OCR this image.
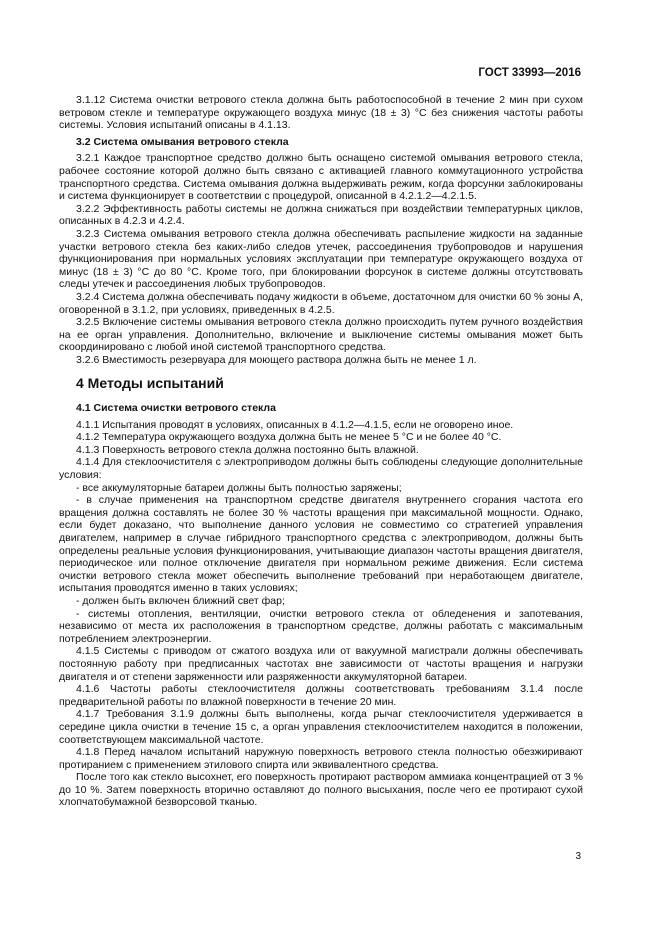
ГОСТ 33993—2016

3.1.12 Система очистки ветрового стекла должна быть работоспособной в течение 2 мин при сухом ветровом стекле и температуре окружающего воздуха минус (18 ± 3) °С без снижения частоты работы системы. Условия испытаний описаны в 4.1.13.

3.2 Система омывания ветрового стекла

3.2.1 Каждое транспортное средство должно быть оснащено системой омывания ветрового стекла, рабочее состояние которой должно быть связано с активацией главного коммутационного устройства транспортного средства. Система омывания должна выдерживать режим, когда форсунки заблокированы и система функционирует в соответствии с процедурой, описанной в 4.2.1.2—4.2.1.5.

3.2.2 Эффективность работы системы не должна снижаться при воздействии температурных циклов, описанных в 4.2.3 и 4.2.4.

3.2.3 Система омывания ветрового стекла должна обеспечивать распыление жидкости на заданные участки ветрового стекла без каких-либо следов утечек, рассоединения трубопроводов и нарушения функционирования при нормальных условиях эксплуатации при температуре окружающего воздуха от минус (18 ± 3) °С до 80 °С. Кроме того, при блокировании форсунок в системе должны отсутствовать следы утечек и рассоединения любых трубопроводов.

3.2.4 Система должна обеспечивать подачу жидкости в объеме, достаточном для очистки 60 % зоны А, оговоренной в 3.1.2, при условиях, приведенных в 4.2.5.

3.2.5 Включение системы омывания ветрового стекла должно происходить путем ручного воздействия на ее орган управления. Дополнительно, включение и выключение системы омывания может быть скоординировано с любой иной системой транспортного средства.

3.2.6 Вместимость резервуара для моющего раствора должна быть не менее 1 л.

4 Методы испытаний
4.1 Система очистки ветрового стекла

4.1.1 Испытания проводят в условиях, описанных в 4.1.2—4.1.5, если не оговорено иное.

4.1.2 Температура окружающего воздуха должна быть не менее 5 °С и не более 40 °С.

4.1.3 Поверхность ветрового стекла должна постоянно быть влажной.

4.1.4 Для стеклоочистителя с электроприводом должны быть соблюдены следующие дополнительные условия:

- все аккумуляторные батареи должны быть полностью заряжены;

- в случае применения на транспортном средстве двигателя внутреннего сгорания частота его вращения должна составлять не более 30 % частоты вращения при максимальной мощности. Однако, если будет доказано, что выполнение данного условия не совместимо со стратегией управления двигателем, например в случае гибридного транспортного средства с электроприводом, должны быть определены реальные условия функционирования, учитывающие диапазон частоты вращения двигателя, периодическое или полное отключение двигателя при нормальном режиме движения. Если система очистки ветрового стекла может обеспечить выполнение требований при неработающем двигателе, испытания проводятся именно в таких условиях;

- должен быть включен ближний свет фар;

- системы отопления, вентиляции, очистки ветрового стекла от обледенения и запотевания, независимо от места их расположения в транспортном средстве, должны работать с максимальным потреблением электроэнергии.

4.1.5 Системы с приводом от сжатого воздуха или от вакуумной магистрали должны обеспечивать постоянную работу при предписанных частотах вне зависимости от частоты вращения и нагрузки двигателя и от степени заряженности или разряженности аккумуляторной батареи.

4.1.6 Частоты работы стеклоочистителя должны соответствовать требованиям 3.1.4 после предварительной работы по влажной поверхности в течение 20 мин.

4.1.7 Требования 3.1.9 должны быть выполнены, когда рычаг стеклоочистителя удерживается в середине цикла очистки в течение 15 с, а орган управления стеклоочистителем находится в положении, соответствующем максимальной частоте.

4.1.8 Перед началом испытаний наружную поверхность ветрового стекла полностью обезжиривают протиранием с применением этилового спирта или эквивалентного средства.

После того как стекло высохнет, его поверхность протирают раствором аммиака концентрацией от 3 % до 10 %. Затем поверхность вторично оставляют до полного высыхания, после чего ее протирают сухой хлопчатобумажной безворсовой тканью.

3
